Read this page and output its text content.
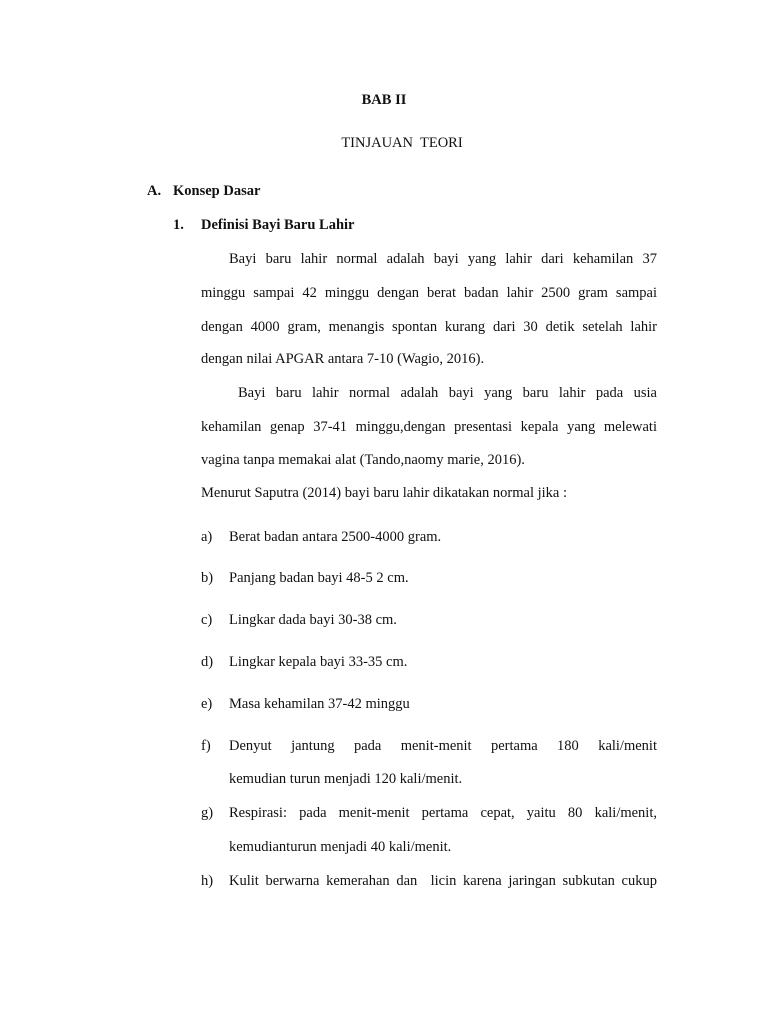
BAB II
TINJAUAN  TEORI
A. Konsep Dasar
1. Definisi Bayi Baru Lahir
Bayi baru lahir normal adalah bayi yang lahir dari kehamilan 37
minggu sampai 42 minggu dengan berat badan lahir 2500 gram sampai
dengan 4000 gram, menangis spontan kurang dari 30 detik setelah lahir
dengan nilai APGAR antara 7-10 (Wagio, 2016).
Bayi baru lahir normal adalah bayi yang baru lahir pada usia
kehamilan genap 37-41 minggu,dengan presentasi kepala yang melewati
vagina tanpa memakai alat (Tando,naomy marie, 2016).
Menurut Saputra (2014) bayi baru lahir dikatakan normal jika :
a) Berat badan antara 2500-4000 gram.
b) Panjang badan bayi 48-5 2 cm.
c) Lingkar dada bayi 30-38 cm.
d) Lingkar kepala bayi 33-35 cm.
e) Masa kehamilan 37-42 minggu
f) Denyut jantung pada menit-menit pertama 180 kali/menit
kemudian turun menjadi 120 kali/menit.
g) Respirasi: pada menit-menit pertama cepat, yaitu 80 kali/menit,
kemudianturun menjadi 40 kali/menit.
h) Kulit berwarna kemerahan dan  licin karena jaringan subkutan cukup
